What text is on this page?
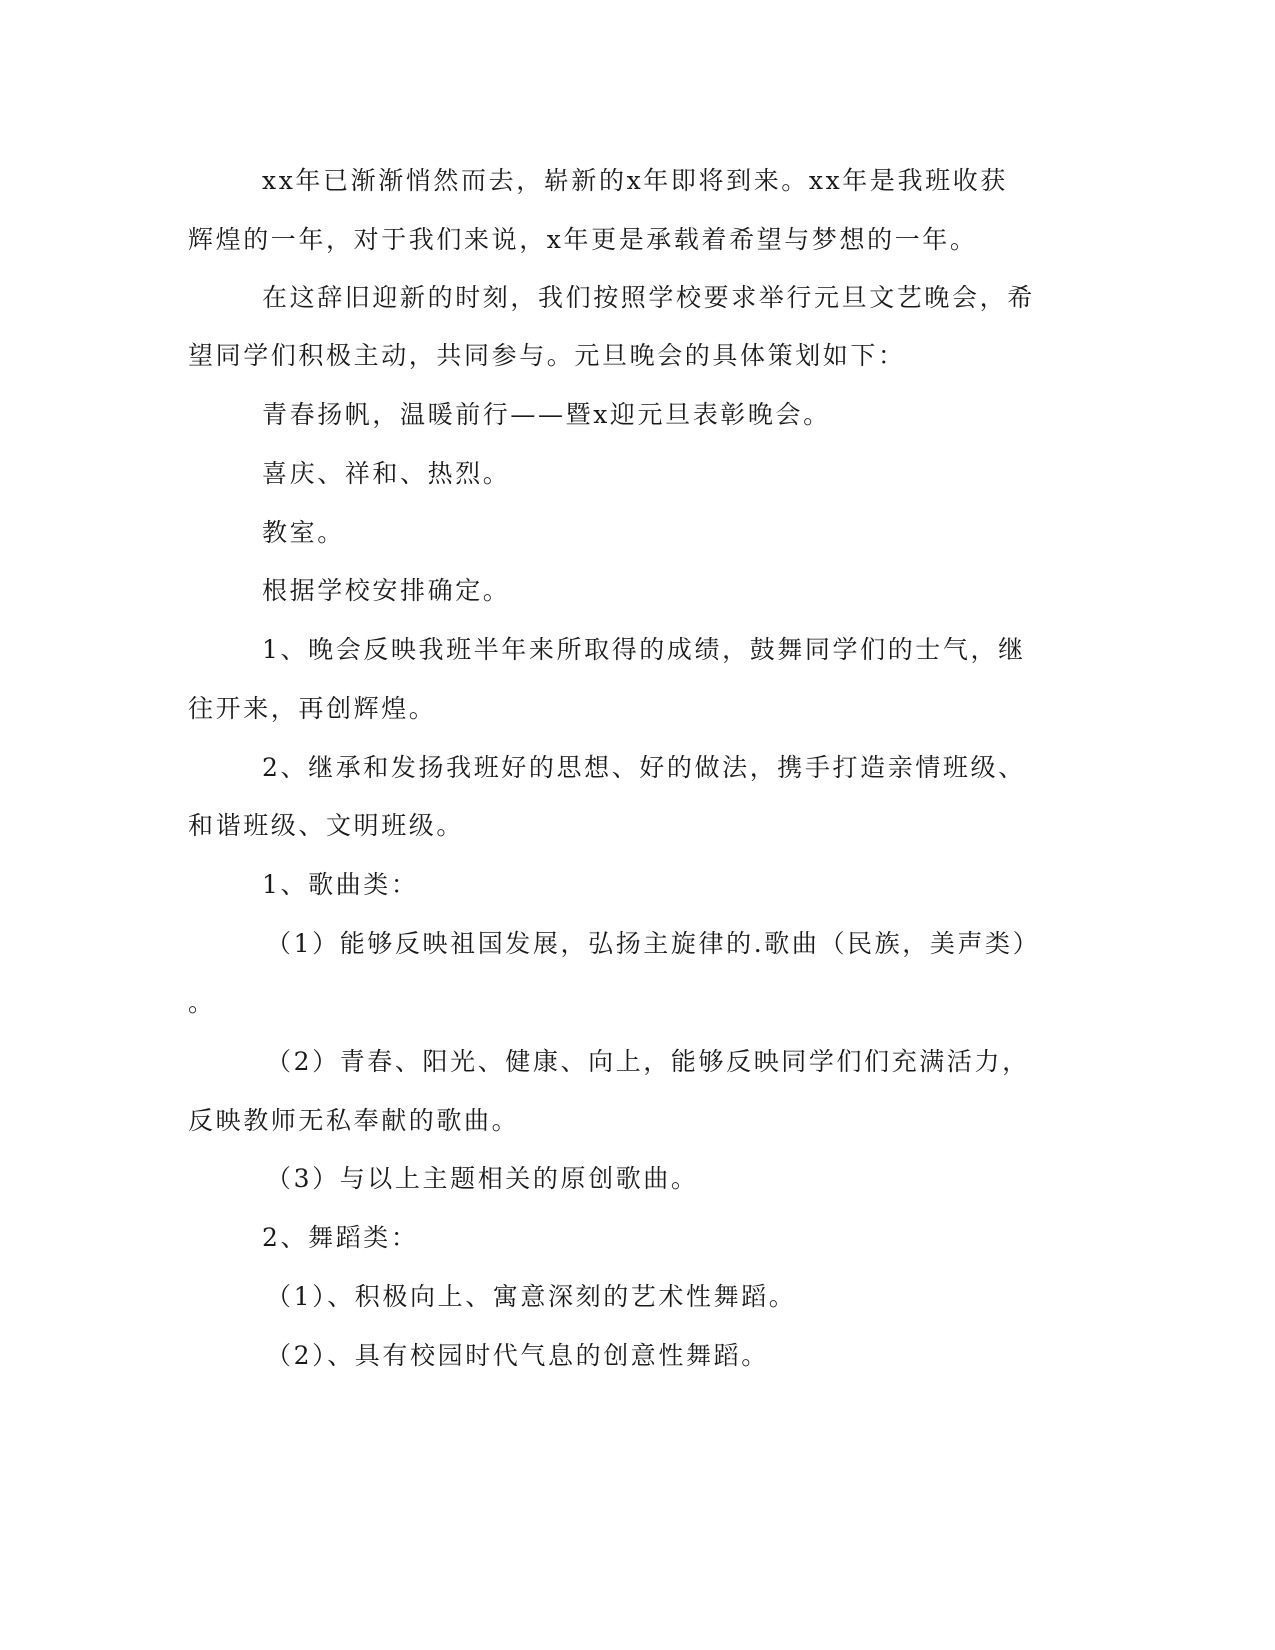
xx年已渐渐悄然而去，崭新的x年即将到来。xx年是我班收获
辉煌的一年，对于我们来说，x年更是承载着希望与梦想的一年。
在这辞旧迎新的时刻，我们按照学校要求举行元旦文艺晚会，希
望同学们积极主动，共同参与。元旦晚会的具体策划如下：
青春扬帆，温暖前行——暨x迎元旦表彰晚会。
喜庆、祥和、热烈。
教室。
根据学校安排确定。
1、晚会反映我班半年来所取得的成绩，鼓舞同学们的士气，继
往开来，再创辉煌。
2、继承和发扬我班好的思想、好的做法，携手打造亲情班级、
和谐班级、文明班级。
1、歌曲类：
（1）能够反映祖国发展，弘扬主旋律的.歌曲（民族，美声类）
。
（2）青春、阳光、健康、向上，能够反映同学们们充满活力，
反映教师无私奉献的歌曲。
（3）与以上主题相关的原创歌曲。
2、舞蹈类：
（1）、积极向上、寓意深刻的艺术性舞蹈。
（2）、具有校园时代气息的创意性舞蹈。
